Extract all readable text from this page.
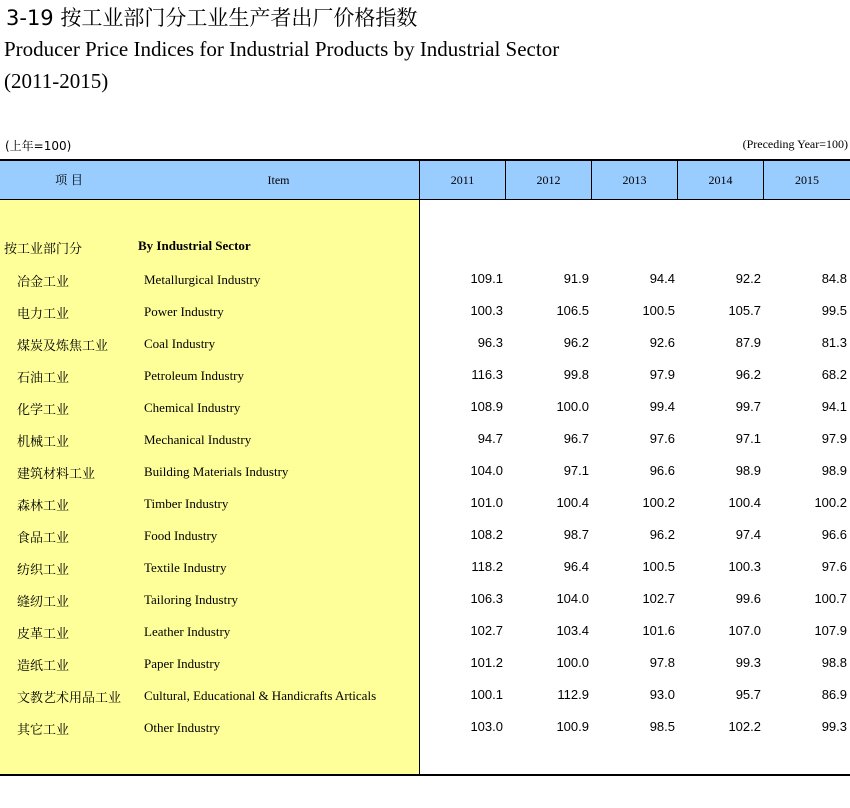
3-19 按工业部门分工业生产者出厂价格指数
Producer Price Indices for Industrial Products by Industrial Sector
(2011-2015)
(上年=100)	(Preceding Year=100)
项 目	Item	2011	2012	2013	2014	2015
按工业部门分	By Industrial Sector
冶金工业	Metallurgical Industry	109.1	91.9	94.4	92.2	84.8
电力工业	Power Industry	100.3	106.5	100.5	105.7	99.5
煤炭及炼焦工业	Coal Industry	96.3	96.2	92.6	87.9	81.3
石油工业	Petroleum Industry	116.3	99.8	97.9	96.2	68.2
化学工业	Chemical Industry	108.9	100.0	99.4	99.7	94.1
机械工业	Mechanical Industry	94.7	96.7	97.6	97.1	97.9
建筑材料工业	Building Materials Industry	104.0	97.1	96.6	98.9	98.9
森林工业	Timber Industry	101.0	100.4	100.2	100.4	100.2
食品工业	Food Industry	108.2	98.7	96.2	97.4	96.6
纺织工业	Textile Industry	118.2	96.4	100.5	100.3	97.6
缝纫工业	Tailoring Industry	106.3	104.0	102.7	99.6	100.7
皮革工业	Leather Industry	102.7	103.4	101.6	107.0	107.9
造纸工业	Paper Industry	101.2	100.0	97.8	99.3	98.8
文教艺术用品工业 Cultural, Educational & Handicrafts Articals	100.1	112.9	93.0	95.7	86.9
其它工业	Other Industry	103.0	100.9	98.5	102.2	99.3
